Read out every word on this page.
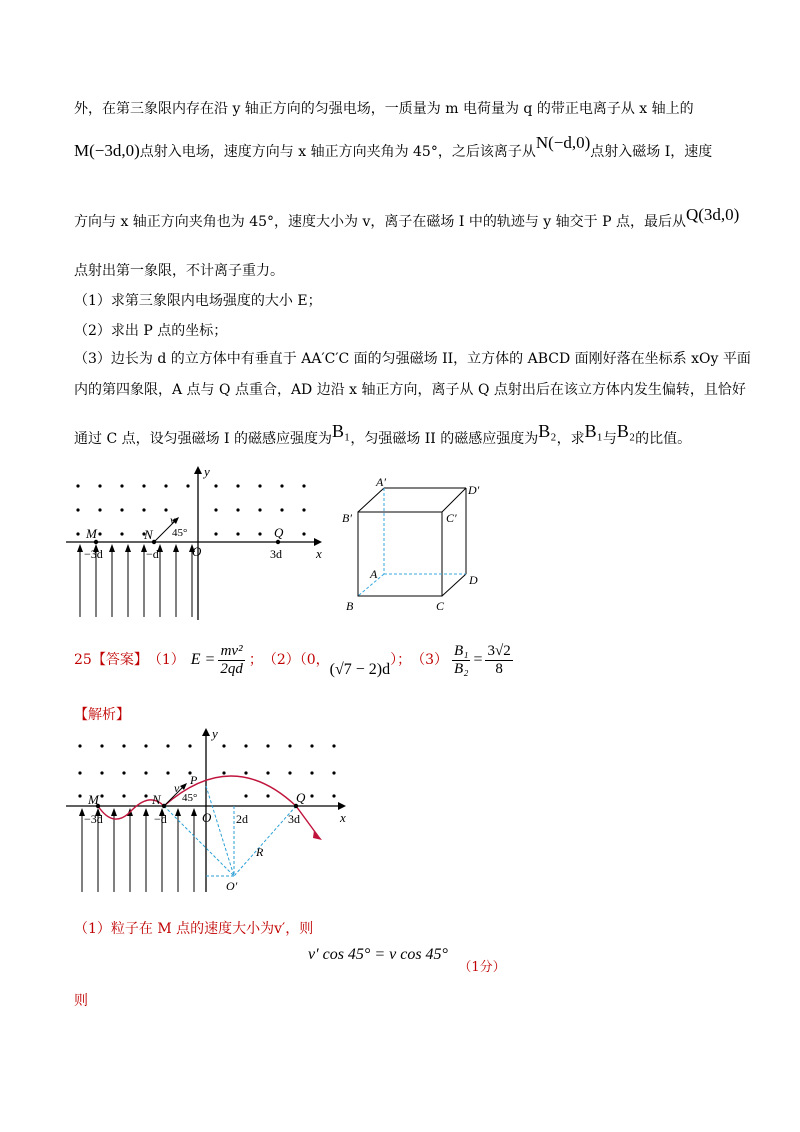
外，在第三象限内存在沿 y 轴正方向的匀强电场，一质量为 m 电荷量为 q 的带正电离子从 x 轴上的
M(−3d,0)点射入电场，速度方向与 x 轴正方向夹角为 45°，之后该离子从N(−d,0)点射入磁场 I，速度
方向与 x 轴正方向夹角也为 45°，速度大小为 v，离子在磁场 I 中的轨迹与 y 轴交于 P 点，最后从Q(3d,0)
点射出第一象限，不计离子重力。
（1）求第三象限内电场强度的大小 E；
（2）求出 P 点的坐标；
（3）边长为 d 的立方体中有垂直于 AA′C′C 面的匀强磁场 II，立方体的 ABCD 面刚好落在坐标系 xOy 平面
内的第四象限，A 点与 Q 点重合，AD 边沿 x 轴正方向，离子从 Q 点射出后在该立方体内发生偏转，且恰好
通过 C 点，设匀强磁场 I 的磁感应强度为B₁，匀强磁场 II 的磁感应强度为B₂，求B₁与B₂的比值。
y
x
M	N
v
45°
O
Q
−3d	−d	3d
A′
D′
B′	C′
A	D
B	C
25【答案】 （1） $E = \frac{\text{mv²}}{2qd}$ ； （2）（0，
(√7 − 2)d
）； $(3) \frac{\text{B₁}}{\text{B₂}} = \frac{3√2}{8}$
【解析】
y
x
M	N
P
v
45°
O
Q
−3d	−d	2d	3d
R
O′
（1）粒子在 M 点的速度大小为v′，则
v′ cos 45° = v cos 45° （1分）
则
